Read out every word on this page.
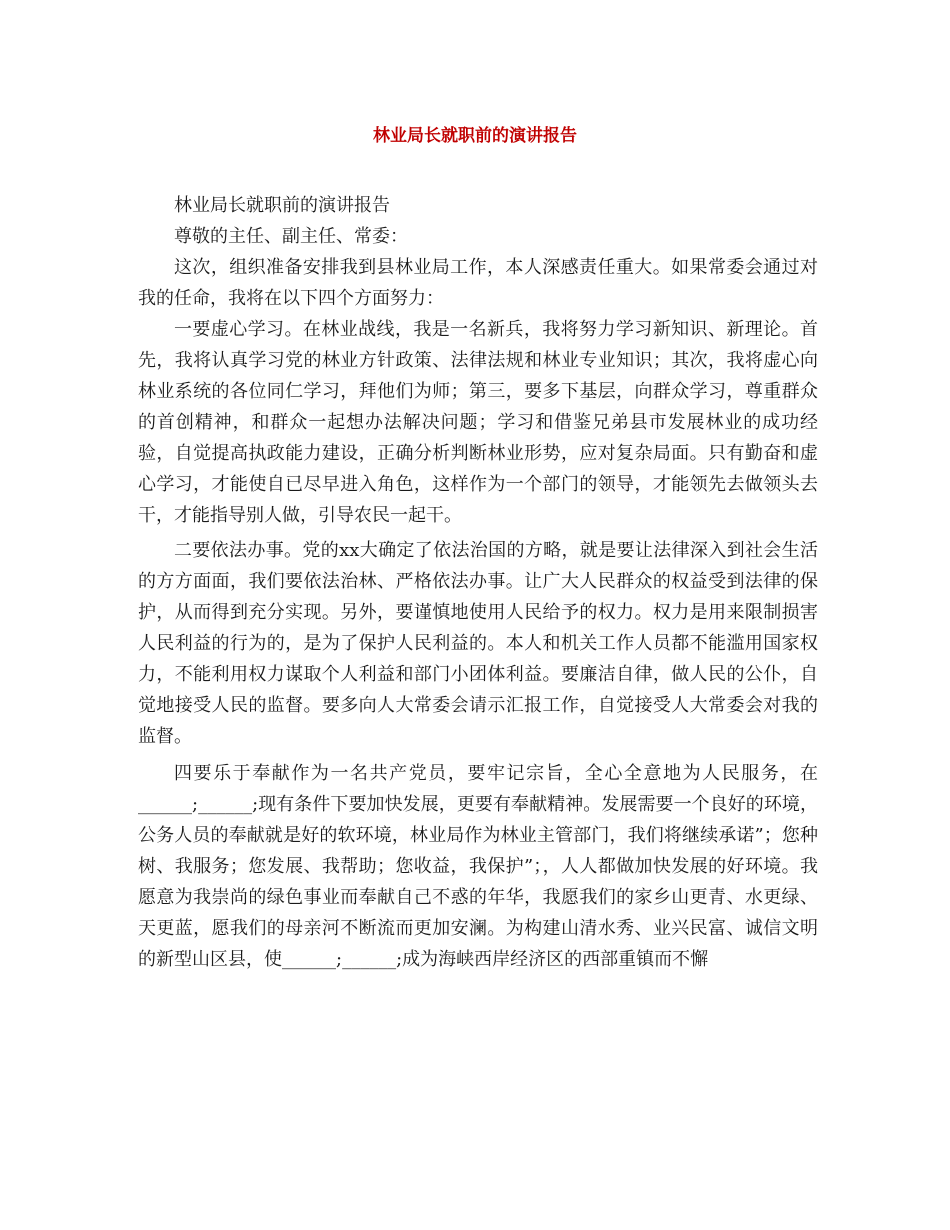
林业局长就职前的演讲报告

林业局长就职前的演讲报告

尊敬的主任、副主任、常委：

这次，组织准备安排我到县林业局工作，本人深感责任重大。如果常委会通过对我的任命，我将在以下四个方面努力：

一要虚心学习。在林业战线，我是一名新兵，我将努力学习新知识、新理论。首先，我将认真学习党的林业方针政策、法律法规和林业专业知识；其次，我将虚心向林业系统的各位同仁学习，拜他们为师；第三，要多下基层，向群众学习，尊重群众的首创精神，和群众一起想办法解决问题；学习和借鉴兄弟县市发展林业的成功经验，自觉提高执政能力建设，正确分析判断林业形势，应对复杂局面。只有勤奋和虚心学习，才能使自已尽早进入角色，这样作为一个部门的领导，才能领先去做领头去干，才能指导别人做，引导农民一起干。

二要依法办事。党的xx大确定了依法治国的方略，就是要让法律深入到社会生活的方方面面，我们要依法治林、严格依法办事。让广大人民群众的权益受到法律的保护，从而得到充分实现。另外，要谨慎地使用人民给予的权力。权力是用来限制损害人民利益的行为的，是为了保护人民利益的。本人和机关工作人员都不能滥用国家权力，不能利用权力谋取个人利益和部门小团体利益。要廉洁自律，做人民的公仆，自觉地接受人民的监督。要多向人大常委会请示汇报工作，自觉接受人大常委会对我的监督。

四要乐于奉献作为一名共产党员，要牢记宗旨，全心全意地为人民服务，在______;______;现有条件下要加快发展，更要有奉献精神。发展需要一个良好的环境，公务人员的奉献就是好的软环境，林业局作为林业主管部门，我们将继续承诺”；您种树、我服务；您发展、我帮助；您收益，我保护”；，人人都做加快发展的好环境。我愿意为我崇尚的绿色事业而奉献自己不惑的年华，我愿我们的家乡山更青、水更绿、天更蓝，愿我们的母亲河不断流而更加安澜。为构建山清水秀、业兴民富、诚信文明的新型山区县，使______;______;成为海峡西岸经济区的西部重镇而不懈
